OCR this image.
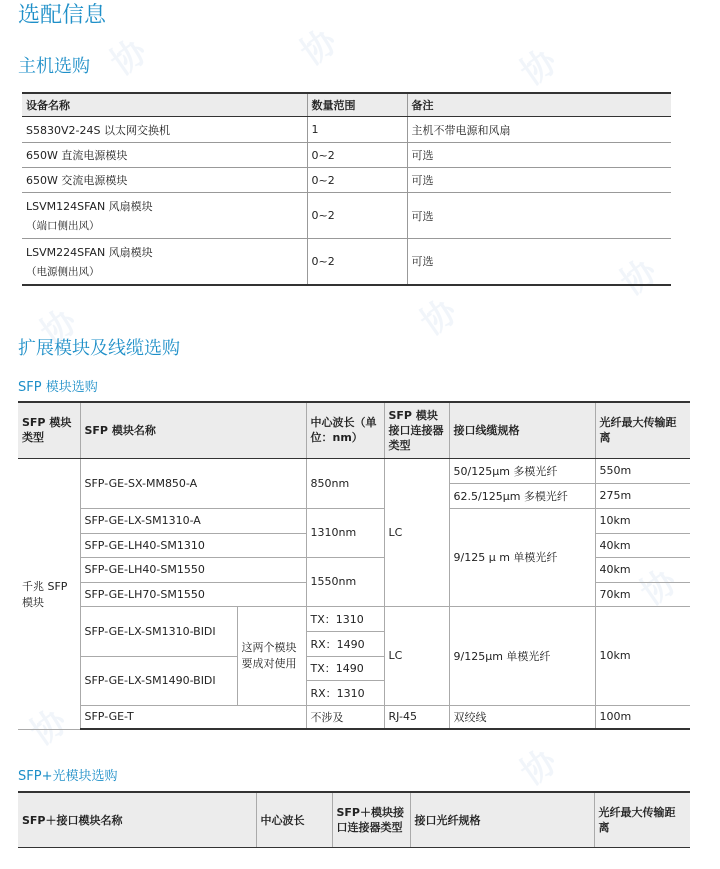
协	协	协
协
协	协
协
协
协
选配信息
主机选购
设备名称	数量范围	备注
S5830V2-24S 以太网交换机	1	主机不带电源和风扇
650W 直流电源模块	0~2	可选
650W 交流电源模块	0~2	可选

LSVM124SFAN 风扇模块
（端口侧出风）	0~2	可选

LSVM224SFAN 风扇模块
（电源侧出风）	0~2	可选
扩展模块及线缆选购
SFP 模块选购
SFP 模块类型	SFP 模块名称		中心波长（单位：nm）	SFP 模块接口连接器类型	接口线缆规格	光纤最大传输距离
千兆 SFP 模块	SFP-GE-SX-MM850-A		850nm	LC	50/125μm 多模光纤	550m
					62.5/125μm 多模光纤	275m
	SFP-GE-LX-SM1310-A		1310nm		9/125 μ m 单模光纤	10km
	SFP-GE-LH40-SM1310					40km
	SFP-GE-LH40-SM1550		1550nm			40km
	SFP-GE-LH70-SM1550					70km
	SFP-GE-LX-SM1310-BIDI	这两个模块要成对使用	TX：1310	LC	9/125μm 单模光纤	10km
			RX：1490			
	SFP-GE-LX-SM1490-BIDI		TX：1490			
			RX：1310			
	SFP-GE-T		不涉及	RJ-45	双绞线	100m
SFP+光模块选购
SFP＋接口模块名称	中心波长	SFP＋模块接口连接器类型	接口光纤规格	光纤最大传输距离
